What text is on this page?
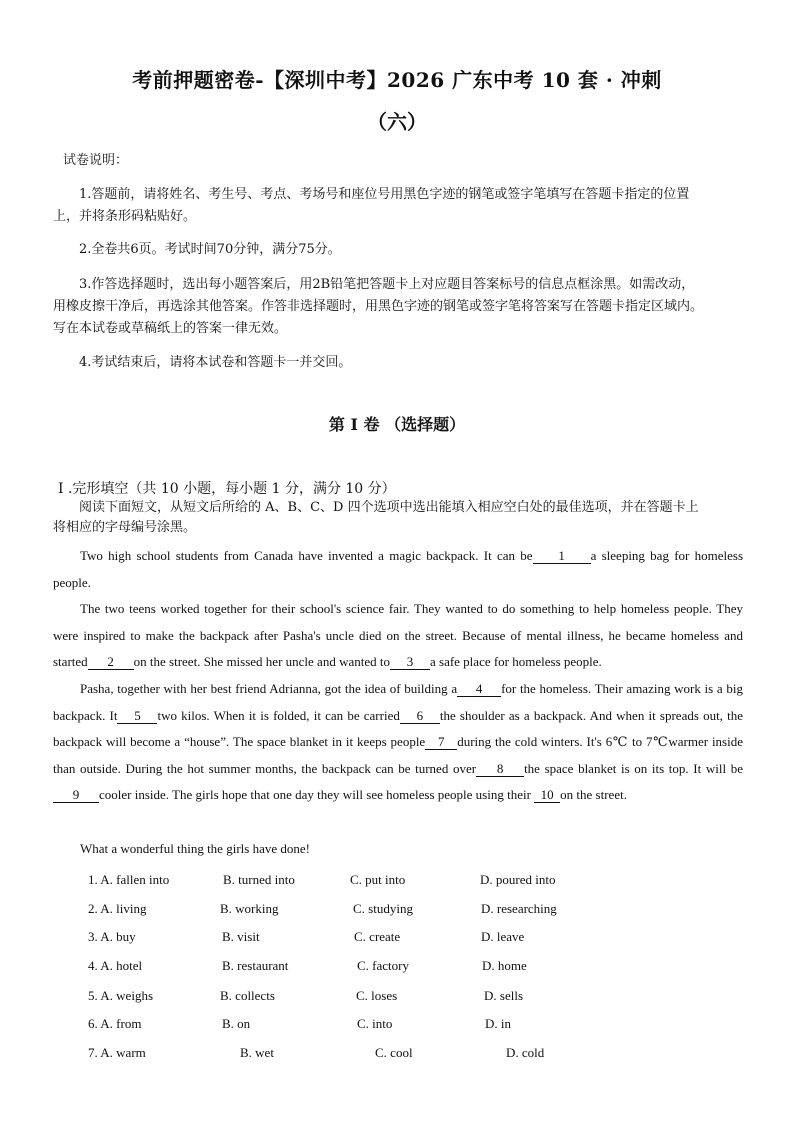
考前押题密卷-【深圳中考】2026 广东中考 10 套 · 冲刺
（六）
试卷说明：
1.答题前，请将姓名、考生号、考点、考场号和座位号用黑色字迹的钢笔或签字笔填写在答题卡指定的位置
上，并将条形码粘贴好。
2.全卷共6页。考试时间70分钟，满分75分。
3.作答选择题时，选出每小题答案后，用2B铅笔把答题卡上对应题目答案标号的信息点框涂黑。如需改动，
用橡皮擦干净后，再选涂其他答案。作答非选择题时，用黑色字迹的钢笔或签字笔将答案写在答题卡指定区域内。
写在本试卷或草稿纸上的答案一律无效。
4.考试结束后，请将本试卷和答题卡一并交回。
第 I 卷 （选择题）
I .完形填空（共 10 小题，每小题 1 分，满分 10 分）
阅读下面短文，从短文后所给的 A、B、C、D 四个选项中选出能填入相应空白处的最佳选项，并在答题卡上
将相应的字母编号涂黑。
Two high school students from Canada have invented a magic backpack. It can be 1 a sleeping bag for homeless people.
The two teens worked together for their school's science fair. They wanted to do something to help homeless people. They were inspired to make the backpack after Pasha's uncle died on the street. Because of mental illness, he became homeless and started 2 on the street. She missed her uncle and wanted to 3 a safe place for homeless people.
Pasha, together with her best friend Adrianna, got the idea of building a 4 for the homeless. Their amazing work is a big backpack. It 5 two kilos. When it is folded, it can be carried 6 the shoulder as a backpack. And when it spreads out, the backpack will become a “house”. The space blanket in it keeps people 7 during the cold winters. It's 6℃ to 7℃warmer inside than outside. During the hot summer months, the backpack can be turned over 8 the space blanket is on its top. It will be9 cooler inside. The girls hope that one day they will see homeless people using their 10 on the street.
What a wonderful thing the girls have done!
1. A. fallen into	B. turned into	C. put into	D. poured into
2. A. living	B. working	C. studying	D. researching
3. A. buy	B. visit	C. create	D. leave
4. A. hotel	B. restaurant	C. factory	D. home
5. A. weighs	B. collects	C. loses	D. sells
6. A. from	B. on	C. into	D. in
7. A. warm	B. wet	C. cool	D. cold
